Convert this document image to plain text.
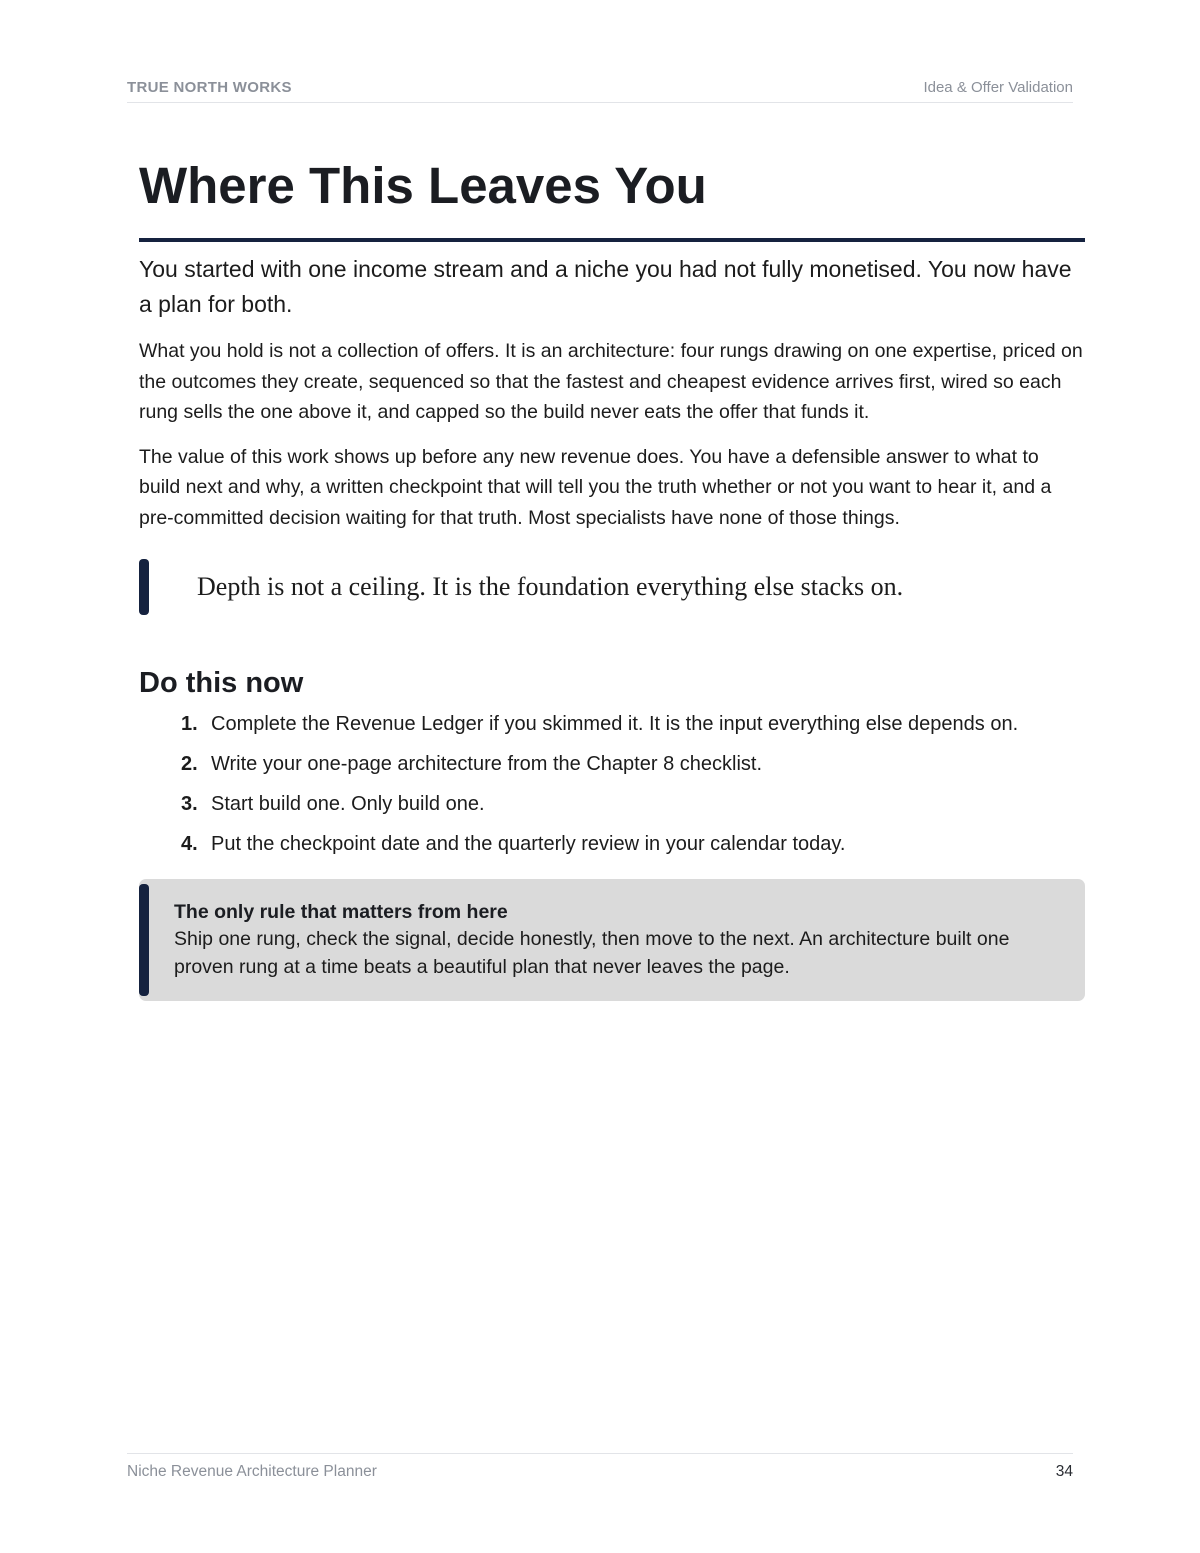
TRUE NORTH WORKS	Idea & Offer Validation
Where This Leaves You

You started with one income stream and a niche you had not fully monetised. You now have a plan for both.

What you hold is not a collection of offers. It is an architecture: four rungs drawing on one expertise, priced on the outcomes they create, sequenced so that the fastest and cheapest evidence arrives first, wired so each rung sells the one above it, and capped so the build never eats the offer that funds it.

The value of this work shows up before any new revenue does. You have a defensible answer to what to build next and why, a written checkpoint that will tell you the truth whether or not you want to hear it, and a pre-committed decision waiting for that truth. Most specialists have none of those things.

Depth is not a ceiling. It is the foundation everything else stacks on.
Do this now
1. Complete the Revenue Ledger if you skimmed it. It is the input everything else depends on.
2. Write your one-page architecture from the Chapter 8 checklist.
3. Start build one. Only build one.
4. Put the checkpoint date and the quarterly review in your calendar today.
The only rule that matters from here
Ship one rung, check the signal, decide honestly, then move to the next. An architecture built one proven rung at a time beats a beautiful plan that never leaves the page.
Niche Revenue Architecture Planner	34
